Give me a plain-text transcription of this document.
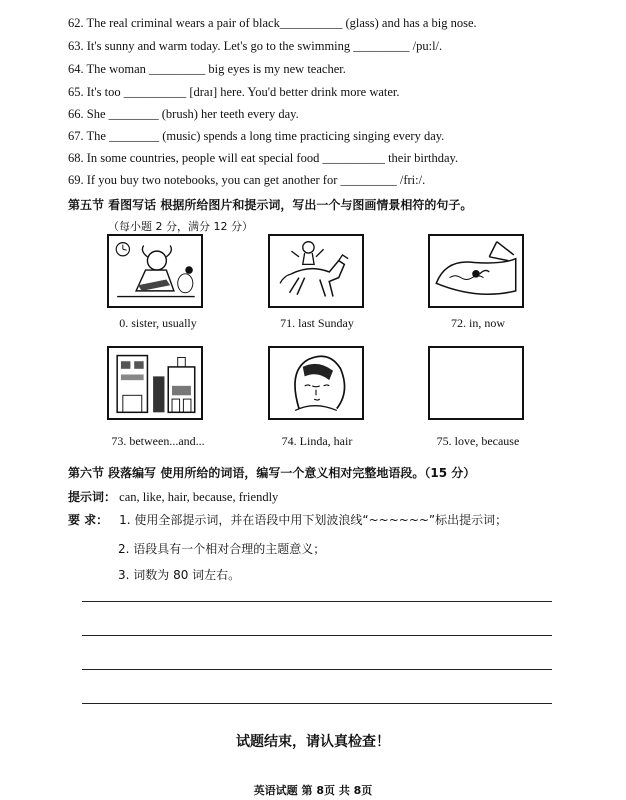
62. The real criminal wears a pair of black__________ (glass) and has a big nose.
63. It's sunny and warm today. Let's go to the swimming _________ /pu:l/.
64. The woman _________ big eyes is my new teacher.
65. It's too __________ [draɪ] here. You'd better drink more water.
66. She ________ (brush) her teeth every day.
67. The ________ (music) spends a long time practicing singing every day.
68. In some countries, people will eat special food __________ their birthday.
69. If you buy two notebooks, you can get another for _________ /fri:/.
第五节 看图写话 根据所给图片和提示词，写出一个与图画情景相符的句子。
（每小题 2 分，满分 12 分）
0. sister, usually	71. last Sunday	72. in, now
73. between...and...	74. Linda, hair	75. love, because
第六节 段落编写 使用所给的词语，编写一个意义相对完整地语段。（15 分）
提示词： can, like, hair, because, friendly
要 求： 1. 使用全部提示词，并在语段中用下划波浪线“~~~~~~”标出提示词；
2. 语段具有一个相对合理的主题意义；
3. 词数为 80 词左右。
试题结束，请认真检查！
英语试题 第 8页 共 8页
